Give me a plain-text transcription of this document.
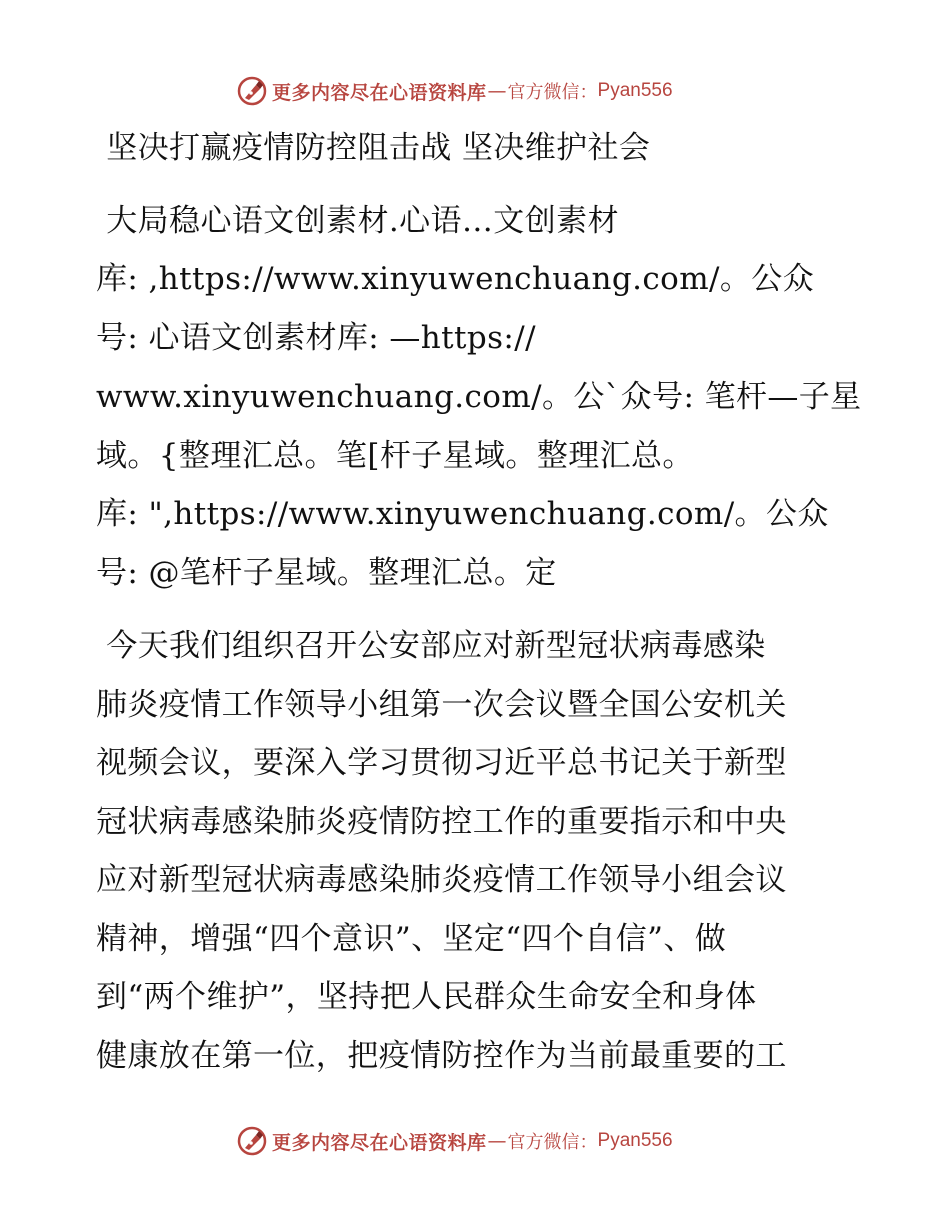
更多内容尽在心语资料库 — 官方微信： Pyan556
坚决打赢疫情防控阻击战 坚决维护社会
大局稳心语文创素材.心语…文创素材
库: ,https://www.xinyuwenchuang.com/。公众
号: 心语文创素材库: —https://
www.xinyuwenchuang.com/。公`众号: 笔杆—子星
域。{整理汇总。笔[杆子星域。整理汇总。
库: ",https://www.xinyuwenchuang.com/。公众
号: @笔杆子星域。整理汇总。定
今天我们组织召开公安部应对新型冠状病毒感染
肺炎疫情工作领导小组第一次会议暨全国公安机关
视频会议，要深入学习贯彻习近平总书记关于新型
冠状病毒感染肺炎疫情防控工作的重要指示和中央
应对新型冠状病毒感染肺炎疫情工作领导小组会议
精神，增强“四个意识”、坚定“四个自信”、做
到“两个维护”，坚持把人民群众生命安全和身体
健康放在第一位，把疫情防控作为当前最重要的工
更多内容尽在心语资料库 — 官方微信： Pyan556
